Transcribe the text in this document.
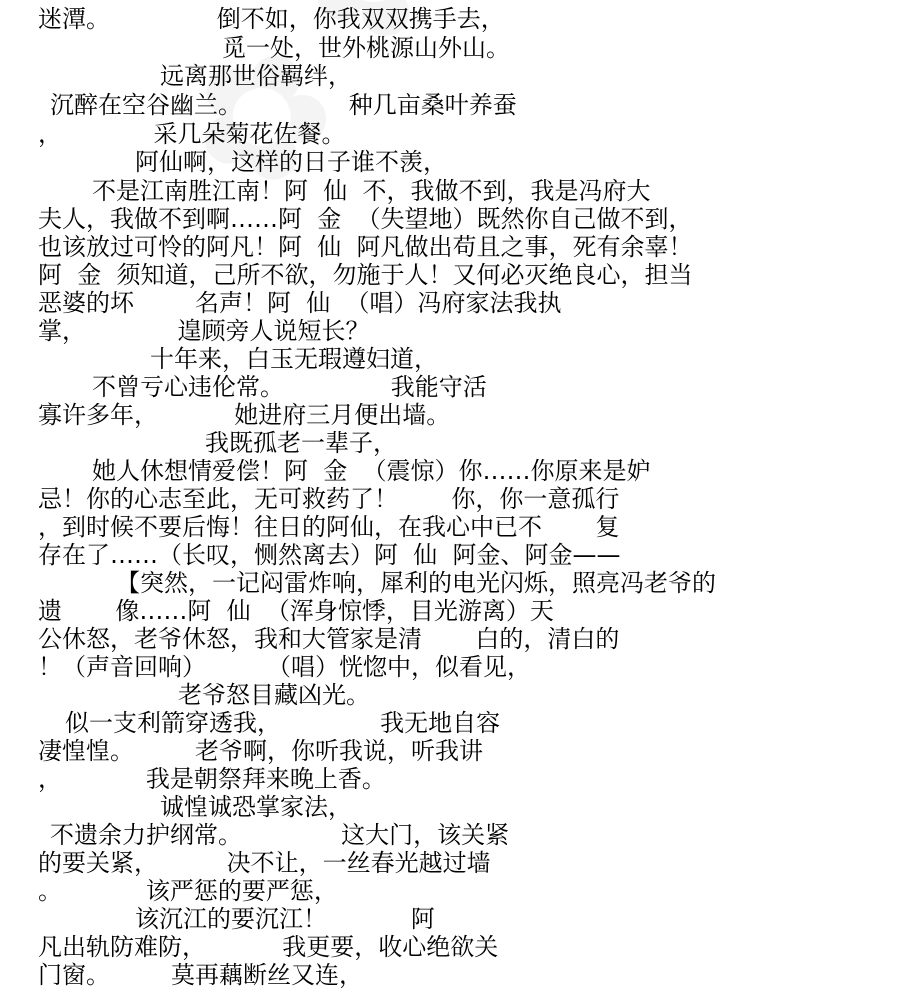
迷潭。              倒不如，你我双双携手去，
觅一处，世外桃源山外山。
远离那世俗羁绊，
沉醉在空谷幽兰。              种几亩桑叶养蚕
，            采几朵菊花佐餐。
阿仙啊，这样的日子谁不羡，
不是江南胜江南！阿  仙  不，我做不到，我是冯府大
夫人，我做不到啊……阿  金  （失望地）既然你自己做不到，
也该放过可怜的阿凡！阿  仙  阿凡做出苟且之事，死有余辜！
阿  金  须知道，己所不欲，勿施于人！又何必灭绝良心，担当
恶婆的坏        名声！阿  仙  （唱）冯府家法我执
掌，            遑顾旁人说短长？
十年来，白玉无瑕遵妇道，
不曾亏心违伦常。              我能守活
寡许多年，          她进府三月便出墙。
我既孤老一辈子，
她人休想情爱偿！阿  金  （震惊）你……你原来是妒
忌！你的心志至此，无可救药了！       你，你一意孤行
，到时候不要后悔！往日的阿仙，在我心中已不       复
存在了……（长叹，恻然离去）阿  仙  阿金、阿金——
【突然，一记闷雷炸响，犀利的电光闪烁，照亮冯老爷的
遗       像……阿  仙  （浑身惊悸，目光游离）天
公休怒，老爷休怒，我和大管家是清       白的，清白的
！（声音回响）        （唱）恍惚中，似看见，
老爷怒目藏凶光。
似一支利箭穿透我，             我无地自容
凄惶惶。        老爷啊，你听我说，听我讲
，           我是朝祭拜来晚上香。
诚惶诚恐掌家法，
不遗余力护纲常。             这大门，该关紧
的要关紧，         决不让，一丝春光越过墙
。           该严惩的要严惩，
该沉江的要沉江！           阿
凡出轨防难防，          我更要，收心绝欲关
门窗。        莫再藕断丝又连，
